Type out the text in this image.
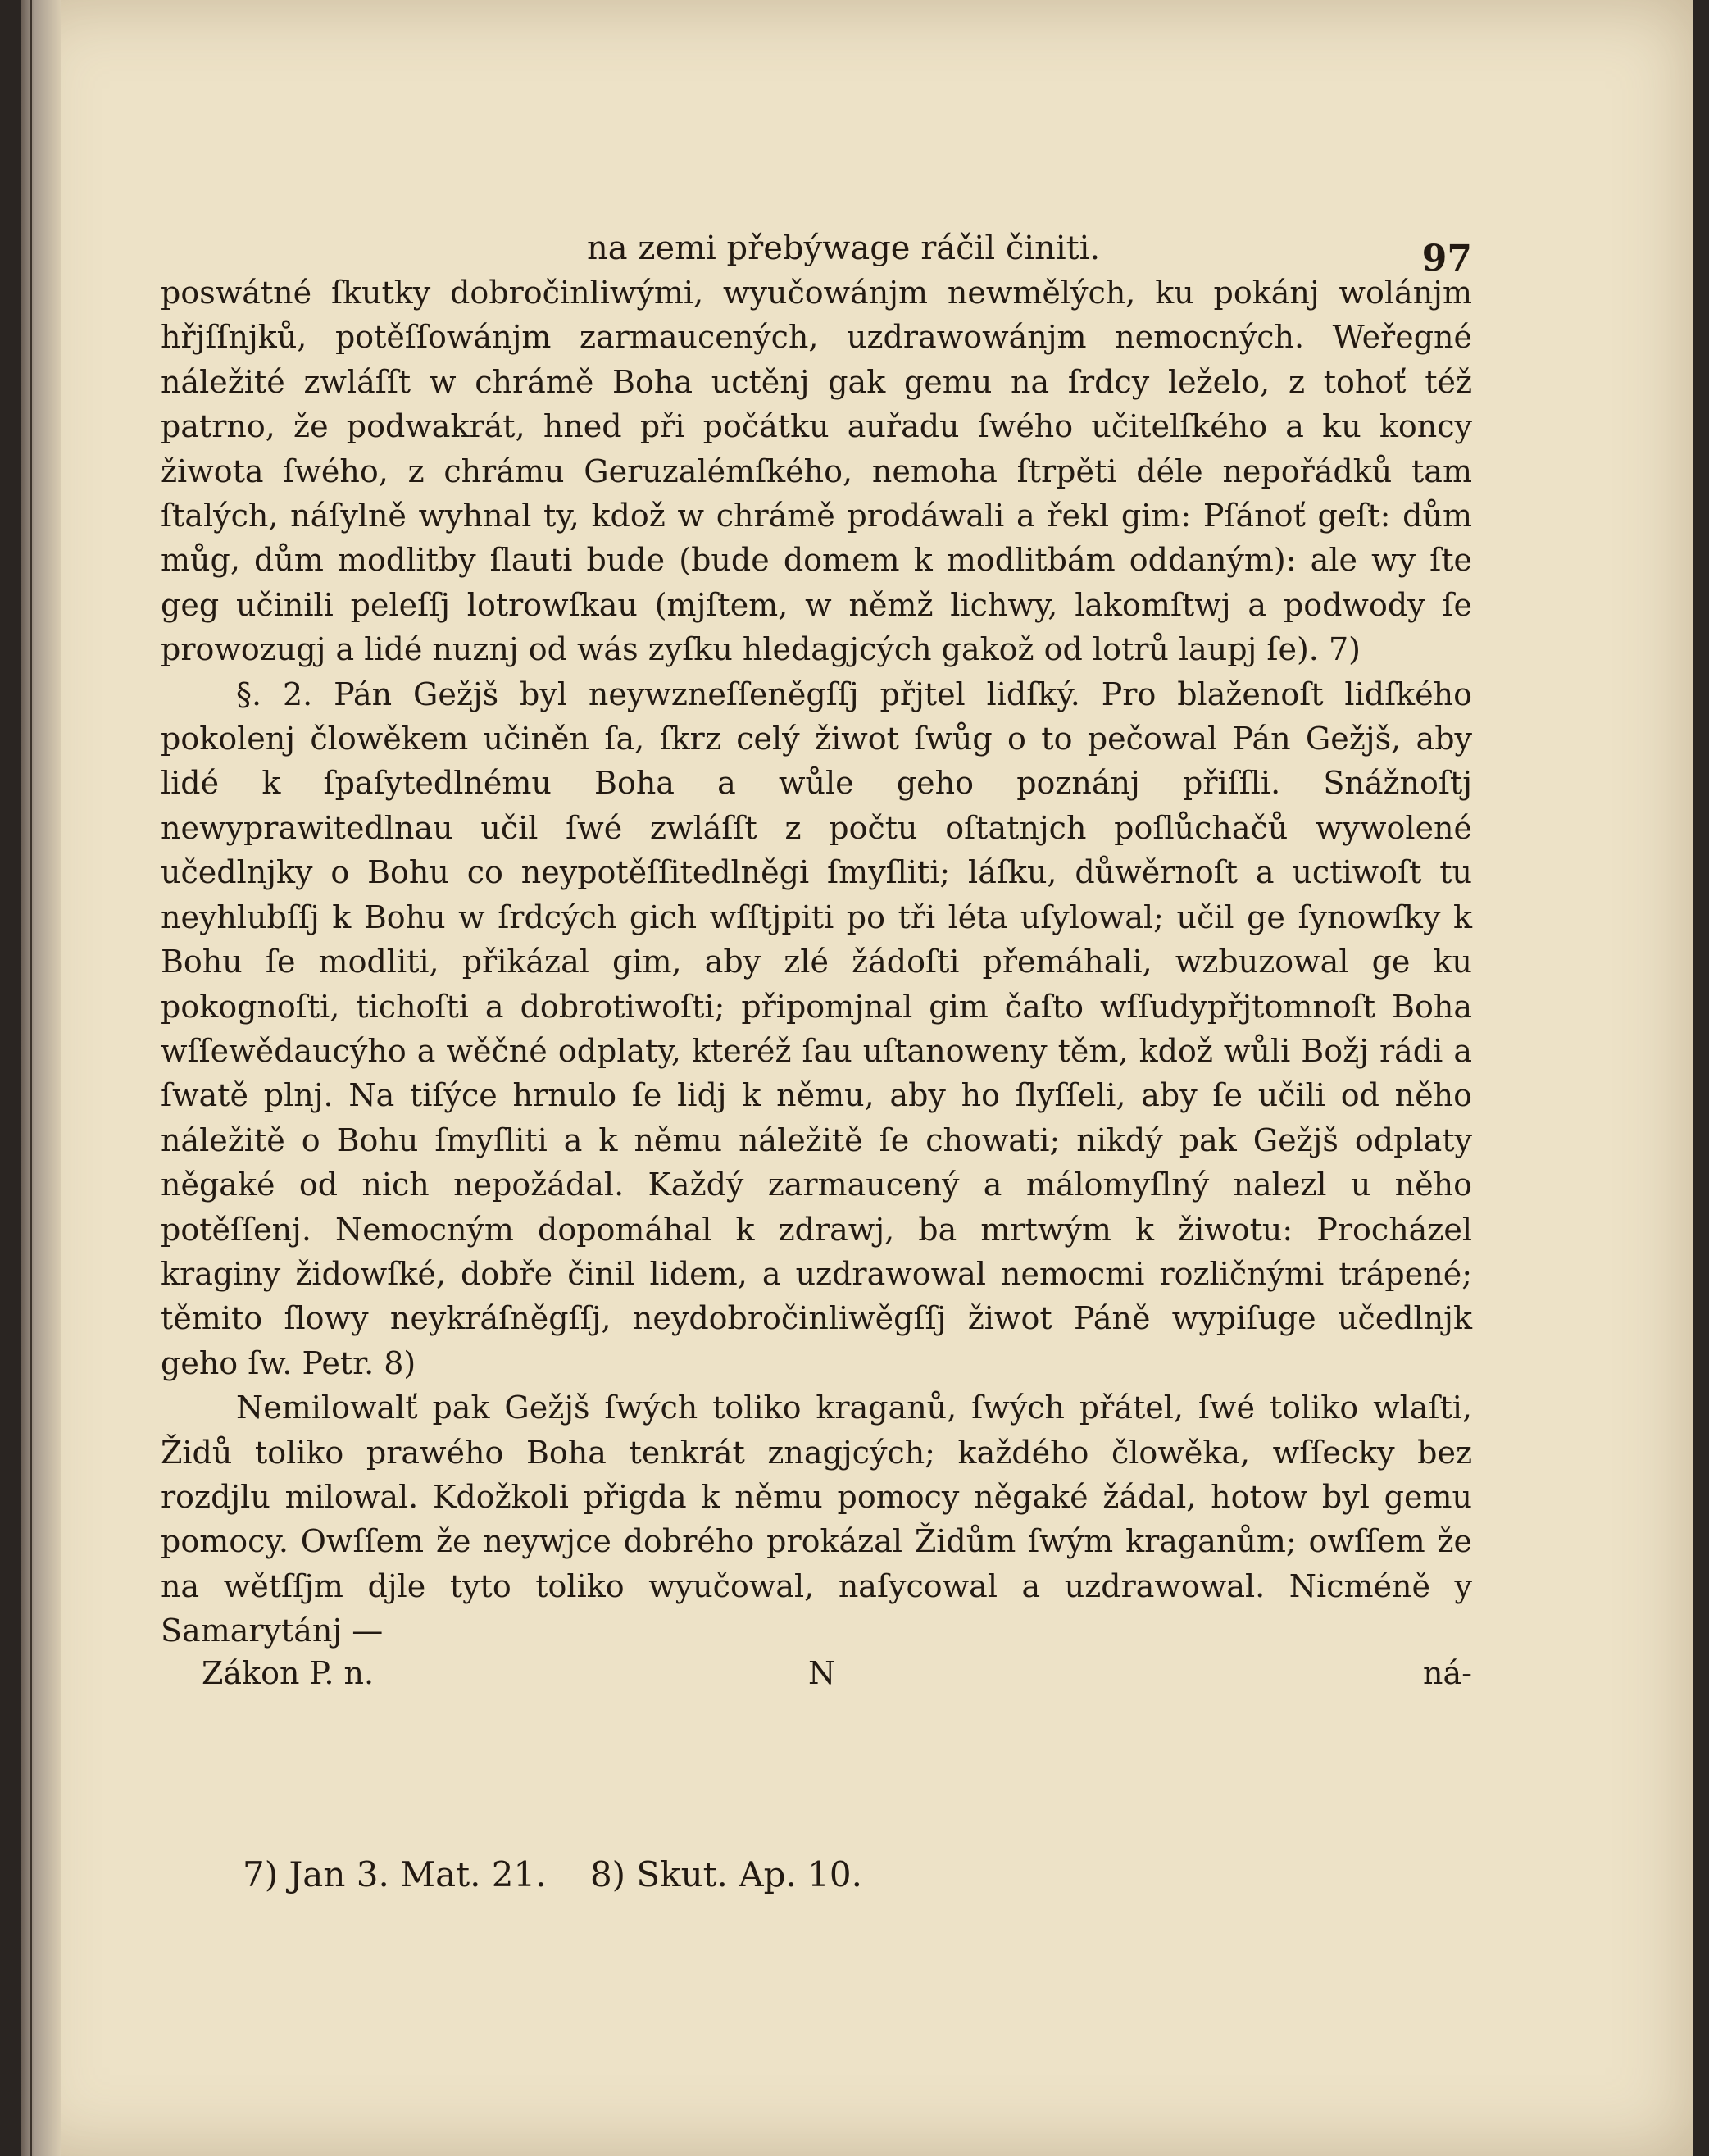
na zemi přebýwage ráčil činiti.	97

poswátné ſkutky dobročinliwými, wyučowánjm newmělých, ku pokánj wolánjm hřjſſnjků, potěſſowánjm zarmaucených, uzdrawowánjm nemocných. Weřegné náležité zwláſſt w chrámě Boha uctěnj gak gemu na ſrdcy leželo, z tohoť též patrno, že podwakrát, hned při počátku auřadu ſwého učitelſkého a ku koncy žiwota ſwého, z chrámu Geruzalémſkého, nemoha ſtrpěti déle nepořádků tam ſtalých, náſylně wyhnal ty, kdož w chrámě prodáwali a řekl gim: Pſánoť geſt: dům můg, dům modlitby ſlauti bude (bude domem k modlitbám oddaným): ale wy ſte geg učinili peleſſj lotrowſkau (mjſtem, w němž lichwy, lakomſtwj a podwody ſe prowozugj a lidé nuznj od wás zyſku hledagjcých gakož od lotrů laupj ſe). 7)

§. 2. Pán Gežjš byl neywzneſſeněgſſj přjtel lidſký. Pro blaženoſt lidſkého pokolenj člowěkem učiněn ſa, ſkrz celý žiwot ſwůg o to pečowal Pán Gežjš, aby lidé k ſpaſytedlnému Boha a wůle geho poznánj přiſſli. Snážnoſtj newyprawitedlnau učil ſwé zwláſſt z počtu oſtatnjch poſlůchačů wywolené učedlnjky o Bohu co neypotěſſitedlněgi ſmyſliti; láſku, důwěrnoſt a uctiwoſt tu neyhlubſſj k Bohu w ſrdcých gich wſſtjpiti po tři léta uſylowal; učil ge ſynowſky k Bohu ſe modliti, přikázal gim, aby zlé žádoſti přemáhali, wzbuzowal ge ku pokognoſti, tichoſti a dobrotiwoſti; připomjnal gim čaſto wſſudypřjtomnoſt Boha wſſewědaucýho a wěčné odplaty, kteréž ſau uſtanoweny těm, kdož wůli Božj rádi a ſwatě plnj. Na tiſýce hrnulo ſe lidj k němu, aby ho ſlyſſeli, aby ſe učili od něho náležitě o Bohu ſmyſliti a k němu náležitě ſe chowati; nikdý pak Gežjš odplaty něgaké od nich nepožádal. Každý zarmaucený a málomyſlný nalezl u něho potěſſenj. Nemocným dopomáhal k zdrawj, ba mrtwým k žiwotu: Procházel kraginy židowſké, dobře činil lidem, a uzdrawowal nemocmi rozličnými trápené; těmito ſlowy neykráſněgſſj, neydobročinliwěgſſj žiwot Páně wypiſuge učedlnjk geho ſw. Petr. 8)

Nemilowalť pak Gežjš ſwých toliko kraganů, ſwých přátel, ſwé toliko wlaſti, Židů toliko prawého Boha tenkrát znagjcých; každého člowěka, wſſecky bez rozdjlu milowal. Kdožkoli přigda k němu pomocy něgaké žádal, hotow byl gemu pomocy. Owſſem že neywjce dobrého prokázal Židům ſwým kraganům; owſſem že na wětſſjm djle tyto toliko wyučowal, naſycowal a uzdrawowal. Nicméně y Samarytánj —

Zákon P. n.	N	ná-
7) Jan 3. Mat. 21. 8) Skut. Ap. 10.
